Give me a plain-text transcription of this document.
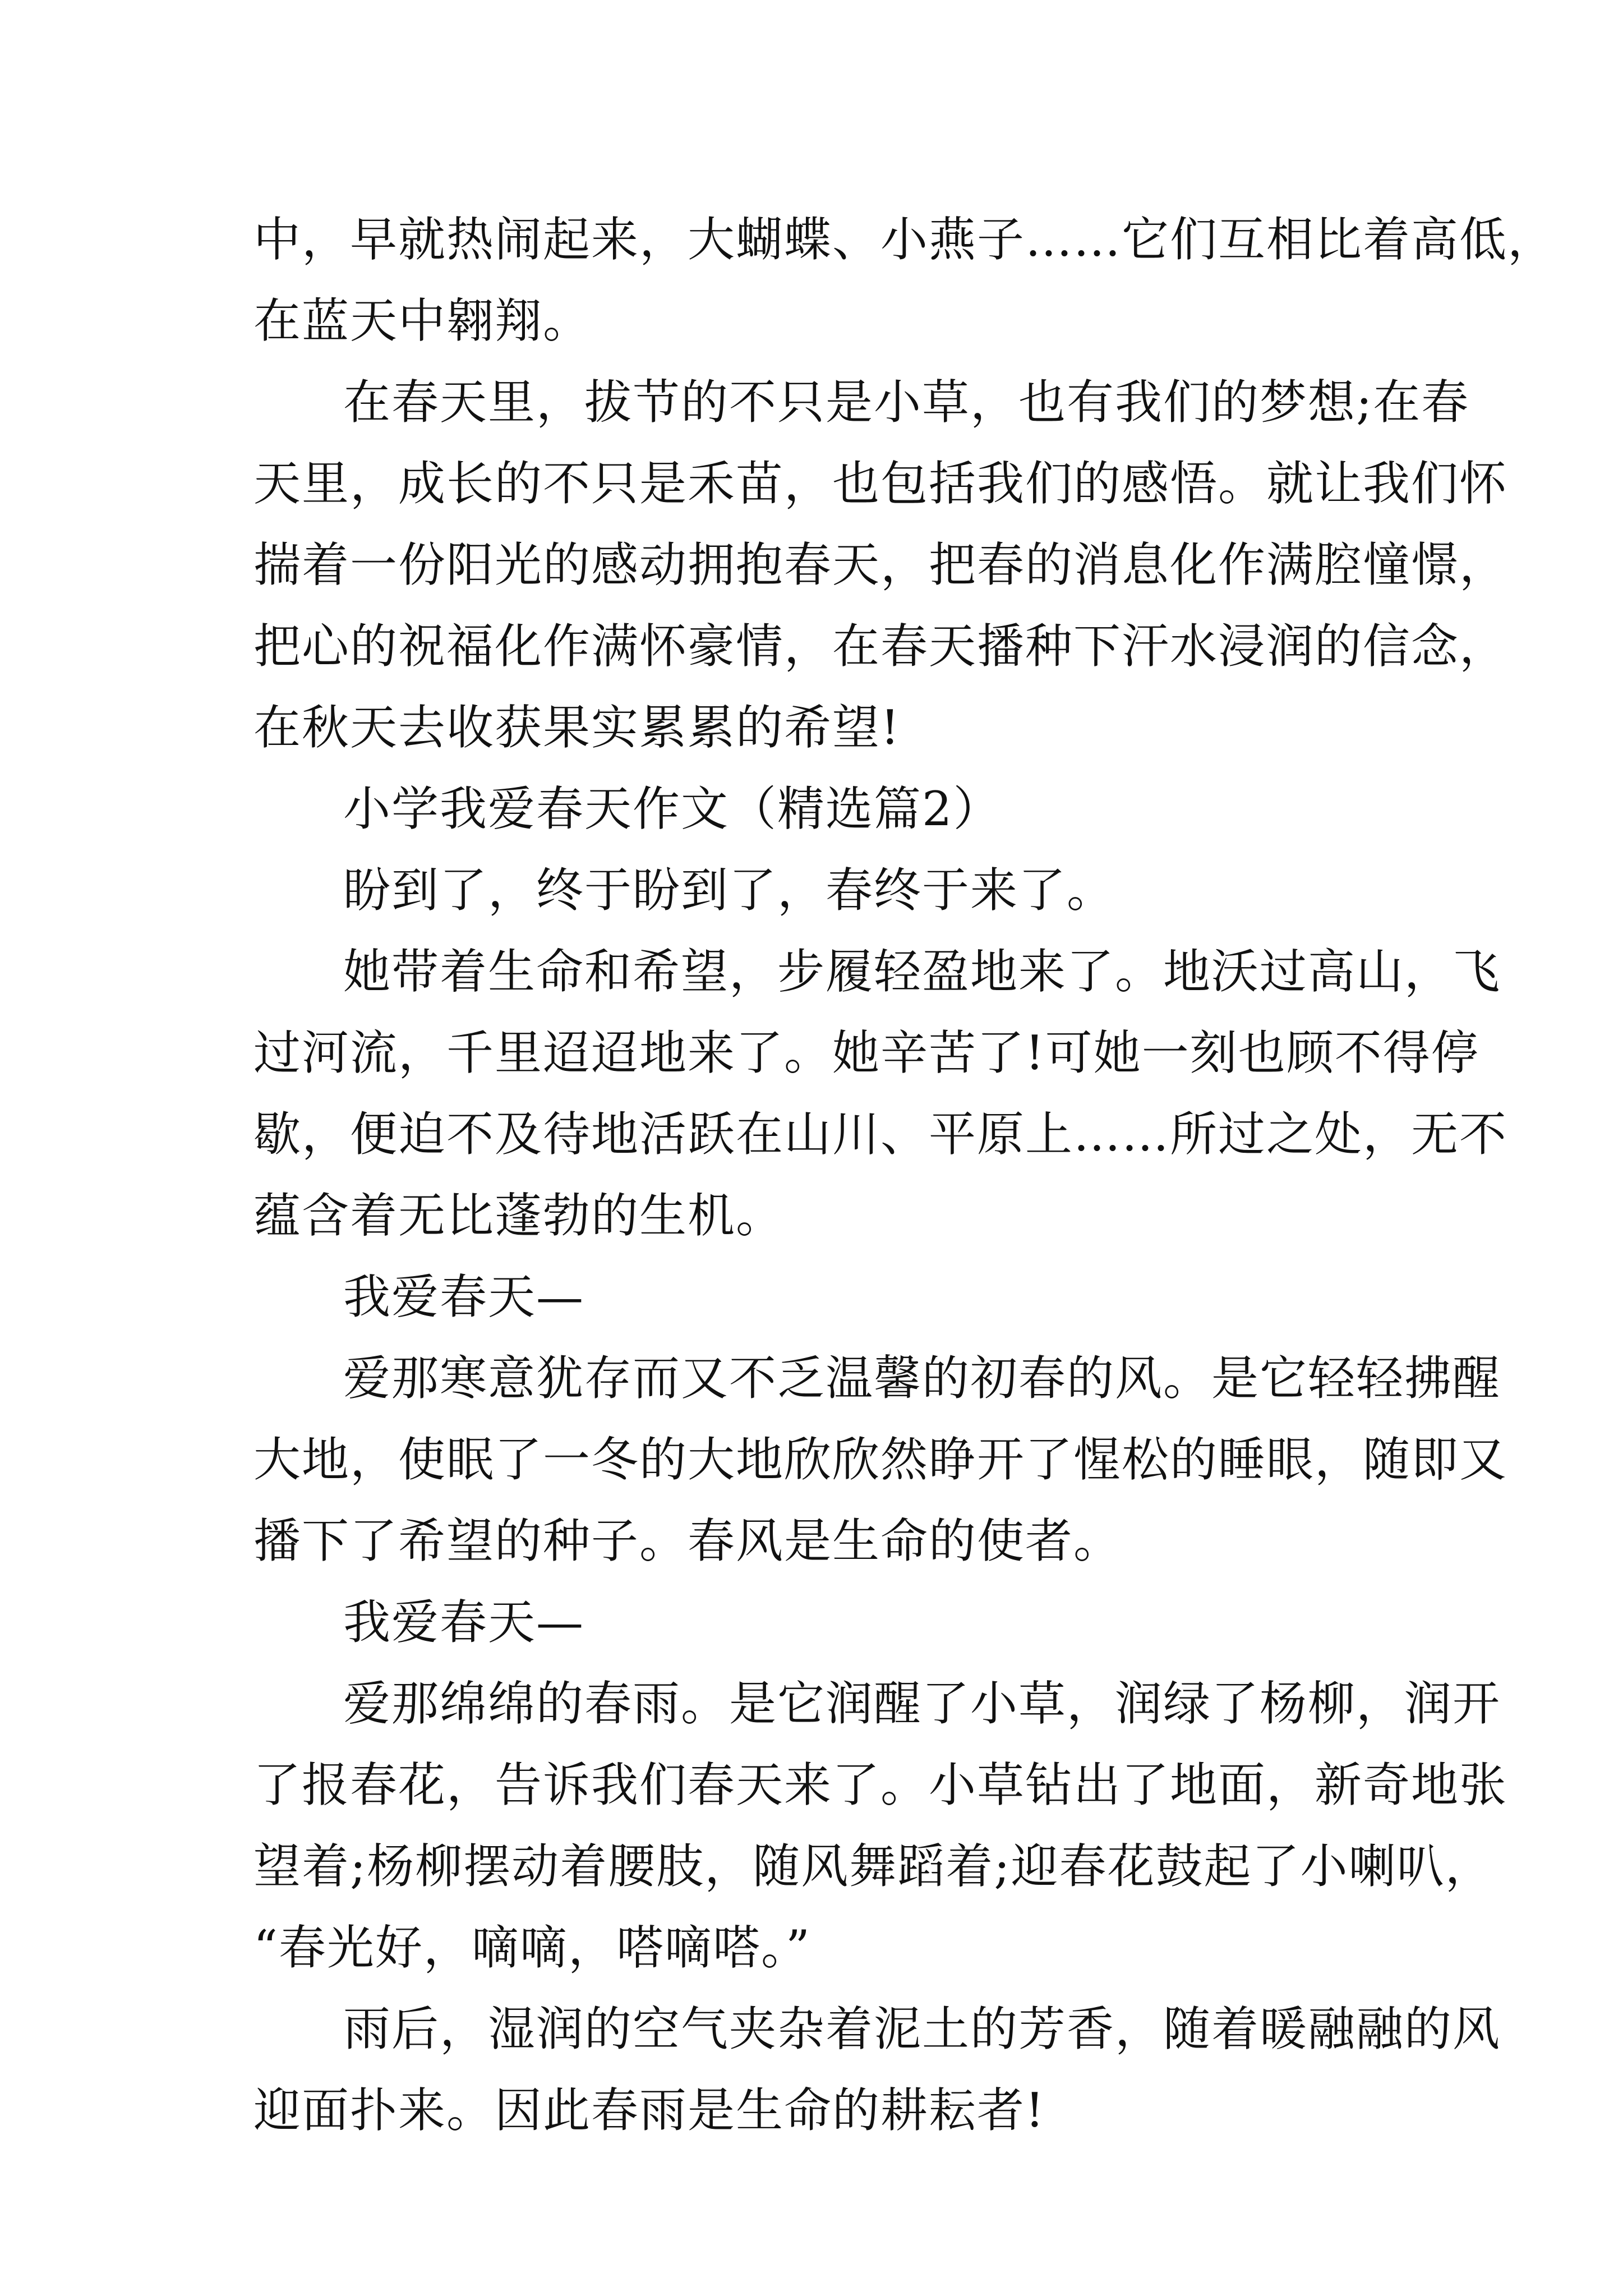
中，早就热闹起来，大蝴蝶、小燕子……它们互相比着高低，
在蓝天中翱翔。
在春天里，拔节的不只是小草，也有我们的梦想;在春
天里，成长的不只是禾苗，也包括我们的感悟。就让我们怀
揣着一份阳光的感动拥抱春天，把春的消息化作满腔憧憬，
把心的祝福化作满怀豪情，在春天播种下汗水浸润的信念，
在秋天去收获果实累累的希望!
小学我爱春天作文（精选篇2）
盼到了，终于盼到了，春终于来了。
她带着生命和希望，步履轻盈地来了。地沃过高山，飞
过河流，千里迢迢地来了。她辛苦了!可她一刻也顾不得停
歇，便迫不及待地活跃在山川、平原上……所过之处，无不
蕴含着无比蓬勃的生机。
我爱春天—
爱那寒意犹存而又不乏温馨的初春的风。是它轻轻拂醒
大地，使眠了一冬的大地欣欣然睁开了惺松的睡眼，随即又
播下了希望的种子。春风是生命的使者。
我爱春天—
爱那绵绵的春雨。是它润醒了小草，润绿了杨柳，润开
了报春花，告诉我们春天来了。小草钻出了地面，新奇地张
望着;杨柳摆动着腰肢，随风舞蹈着;迎春花鼓起了小喇叭，
“春光好，嘀嘀，嗒嘀嗒。”
雨后，湿润的空气夹杂着泥土的芳香，随着暖融融的风
迎面扑来。因此春雨是生命的耕耘者!
